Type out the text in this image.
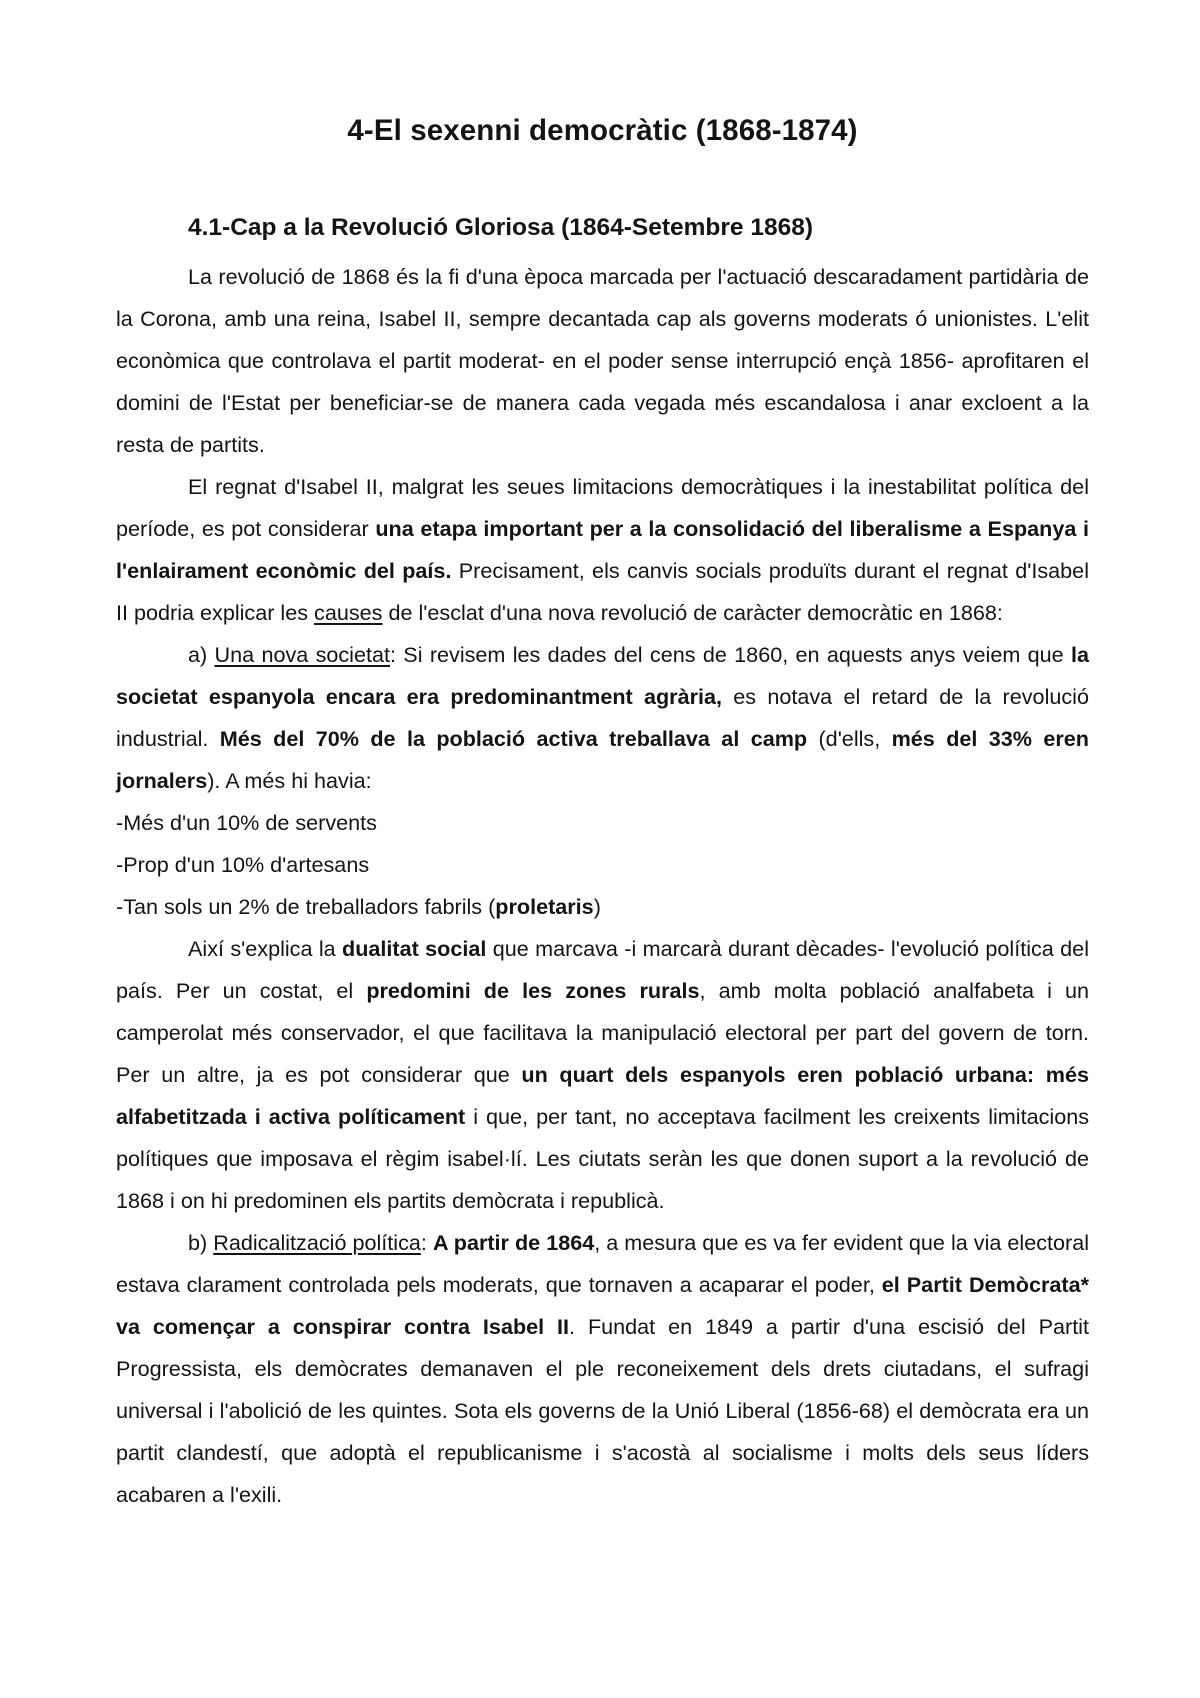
4-El sexenni democràtic (1868-1874)
4.1-Cap a la Revolució Gloriosa (1864-Setembre 1868)

La revolució de 1868 és la fi d'una època marcada per l'actuació descaradament partidària de la Corona, amb una reina, Isabel II, sempre decantada cap als governs moderats ó unionistes. L'elit econòmica que controlava el partit moderat- en el poder sense interrupció ençà 1856- aprofitaren el domini de l'Estat per beneficiar-se de manera cada vegada més escandalosa i anar excloent a la resta de partits.

El regnat d'Isabel II, malgrat les seues limitacions democràtiques i la inestabilitat política del període, es pot considerar una etapa important per a la consolidació del liberalisme a Espanya i l'enlairament econòmic del país. Precisament, els canvis socials produïts durant el regnat d'Isabel II podria explicar les causes de l'esclat d'una nova revolució de caràcter democràtic en 1868:

a) Una nova societat: Si revisem les dades del cens de 1860, en aquests anys veiem que la societat espanyola encara era predominantment agrària, es notava el retard de la revolució industrial. Més del 70% de la població activa treballava al camp (d'ells, més del 33% eren jornalers). A més hi havia:

-Més d'un 10% de servents

-Prop d'un 10% d'artesans

-Tan sols un 2% de treballadors fabrils (proletaris)

Així s'explica la dualitat social que marcava -i marcarà durant dècades- l'evolució política del país. Per un costat, el predomini de les zones rurals, amb molta població analfabeta i un camperolat més conservador, el que facilitava la manipulació electoral per part del govern de torn. Per un altre, ja es pot considerar que un quart dels espanyols eren població urbana: més alfabetitzada i activa políticament i que, per tant, no acceptava facilment les creixents limitacions polítiques que imposava el règim isabel·lí. Les ciutats seràn les que donen suport a la revolució de 1868 i on hi predominen els partits demòcrata i republicà.

b) Radicalització política: A partir de 1864, a mesura que es va fer evident que la via electoral estava clarament controlada pels moderats, que tornaven a acaparar el poder, el Partit Demòcrata* va començar a conspirar contra Isabel II. Fundat en 1849 a partir d'una escisió del Partit Progressista, els demòcrates demanaven el ple reconeixement dels drets ciutadans, el sufragi universal i l'abolició de les quintes. Sota els governs de la Unió Liberal (1856-68) el demòcrata era un partit clandestí, que adoptà el republicanisme i s'acostà al socialisme i molts dels seus líders acabaren a l'exili.
